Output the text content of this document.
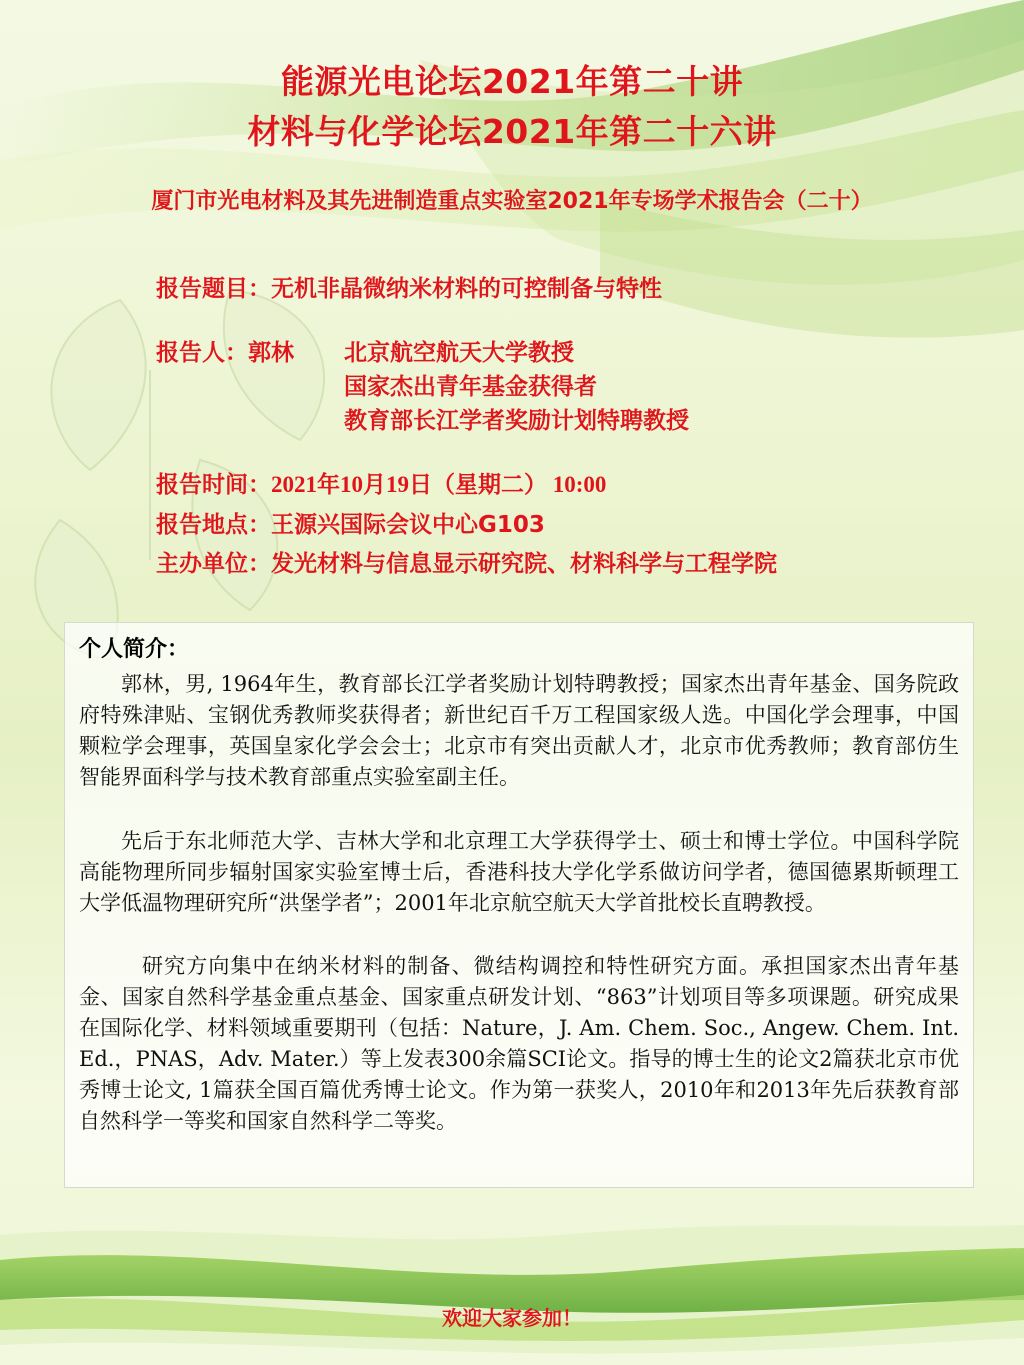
能源光电论坛2021年第二十讲
材料与化学论坛2021年第二十六讲
厦门市光电材料及其先进制造重点实验室2021年专场学术报告会（二十）
报告题目：无机非晶微纳米材料的可控制备与特性
报告人：郭林 北京航空航天大学教授
国家杰出青年基金获得者
教育部长江学者奖励计划特聘教授
报告时间：2021年10月19日（星期二） 10:00
报告地点：王源兴国际会议中心G103
主办单位：发光材料与信息显示研究院、材料科学与工程学院
个人简介：

郭林，男, 1964年生，教育部长江学者奖励计划特聘教授；国家杰出青年基金、国务院政府特殊津贴、宝钢优秀教师奖获得者；新世纪百千万工程国家级人选。中国化学会理事，中国颗粒学会理事，英国皇家化学会会士；北京市有突出贡献人才，北京市优秀教师；教育部仿生智能界面科学与技术教育部重点实验室副主任。

先后于东北师范大学、吉林大学和北京理工大学获得学士、硕士和博士学位。中国科学院高能物理所同步辐射国家实验室博士后，香港科技大学化学系做访问学者，德国德累斯顿理工大学低温物理研究所“洪堡学者”；2001年北京航空航天大学首批校长直聘教授。

研究方向集中在纳米材料的制备、微结构调控和特性研究方面。承担国家杰出青年基金、国家自然科学基金重点基金、国家重点研发计划、“863”计划项目等多项课题。研究成果在国际化学、材料领域重要期刊（包括：Nature，J. Am. Chem. Soc., Angew. Chem. Int. Ed.，PNAS，Adv. Mater.）等上发表300余篇SCI论文。指导的博士生的论文2篇获北京市优秀博士论文, 1篇获全国百篇优秀博士论文。作为第一获奖人，2010年和2013年先后获教育部自然科学一等奖和国家自然科学二等奖。

欢迎大家参加！
